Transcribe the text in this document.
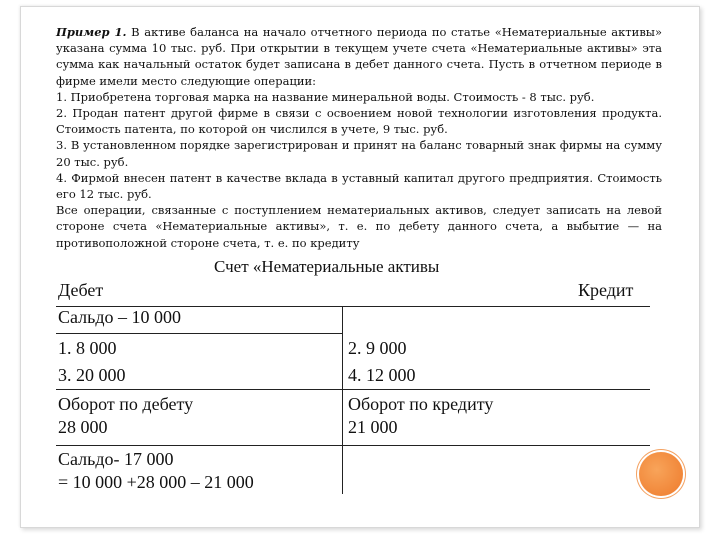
Пример 1. В активе баланса на начало отчетного периода по статье «Нематериальные активы» указана сумма 10 тыс. руб. При открытии в текущем учете счета «Нематериальные активы» эта сумма как начальный остаток будет записана в дебет данного счета. Пусть в отчетном периоде в фирме имели место следующие операции:

1. Приобретена торговая марка на название минеральной воды. Стоимость - 8 тыс. руб.

2. Продан патент другой фирме в связи с освоением новой технологии изготовления продукта. Стоимость патента, по которой он числился в учете, 9 тыс. руб.

3. В установленном порядке зарегистрирован и принят на баланс товарный знак фирмы на сумму 20 тыс. руб.

4. Фирмой внесен патент в качестве вклада в уставный капитал другого предприятия. Стоимость его 12 тыс. руб.

Все операции, связанные с поступлением нематериальных активов, следует записать на левой стороне счета «Нематериальные активы», т. е. по дебету данного счета, а выбытие — на противоположной стороне счета, т. е. по кредиту

Счет «Нематериальные активы
Дебет	Кредит
Сальдо – 10 000
1. 8 000
3. 20 000
2. 9 000
4. 12 000
Оборот по дебету
28 000
Оборот по кредиту
21 000
Сальдо- 17 000
= 10 000 +28 000 – 21 000
